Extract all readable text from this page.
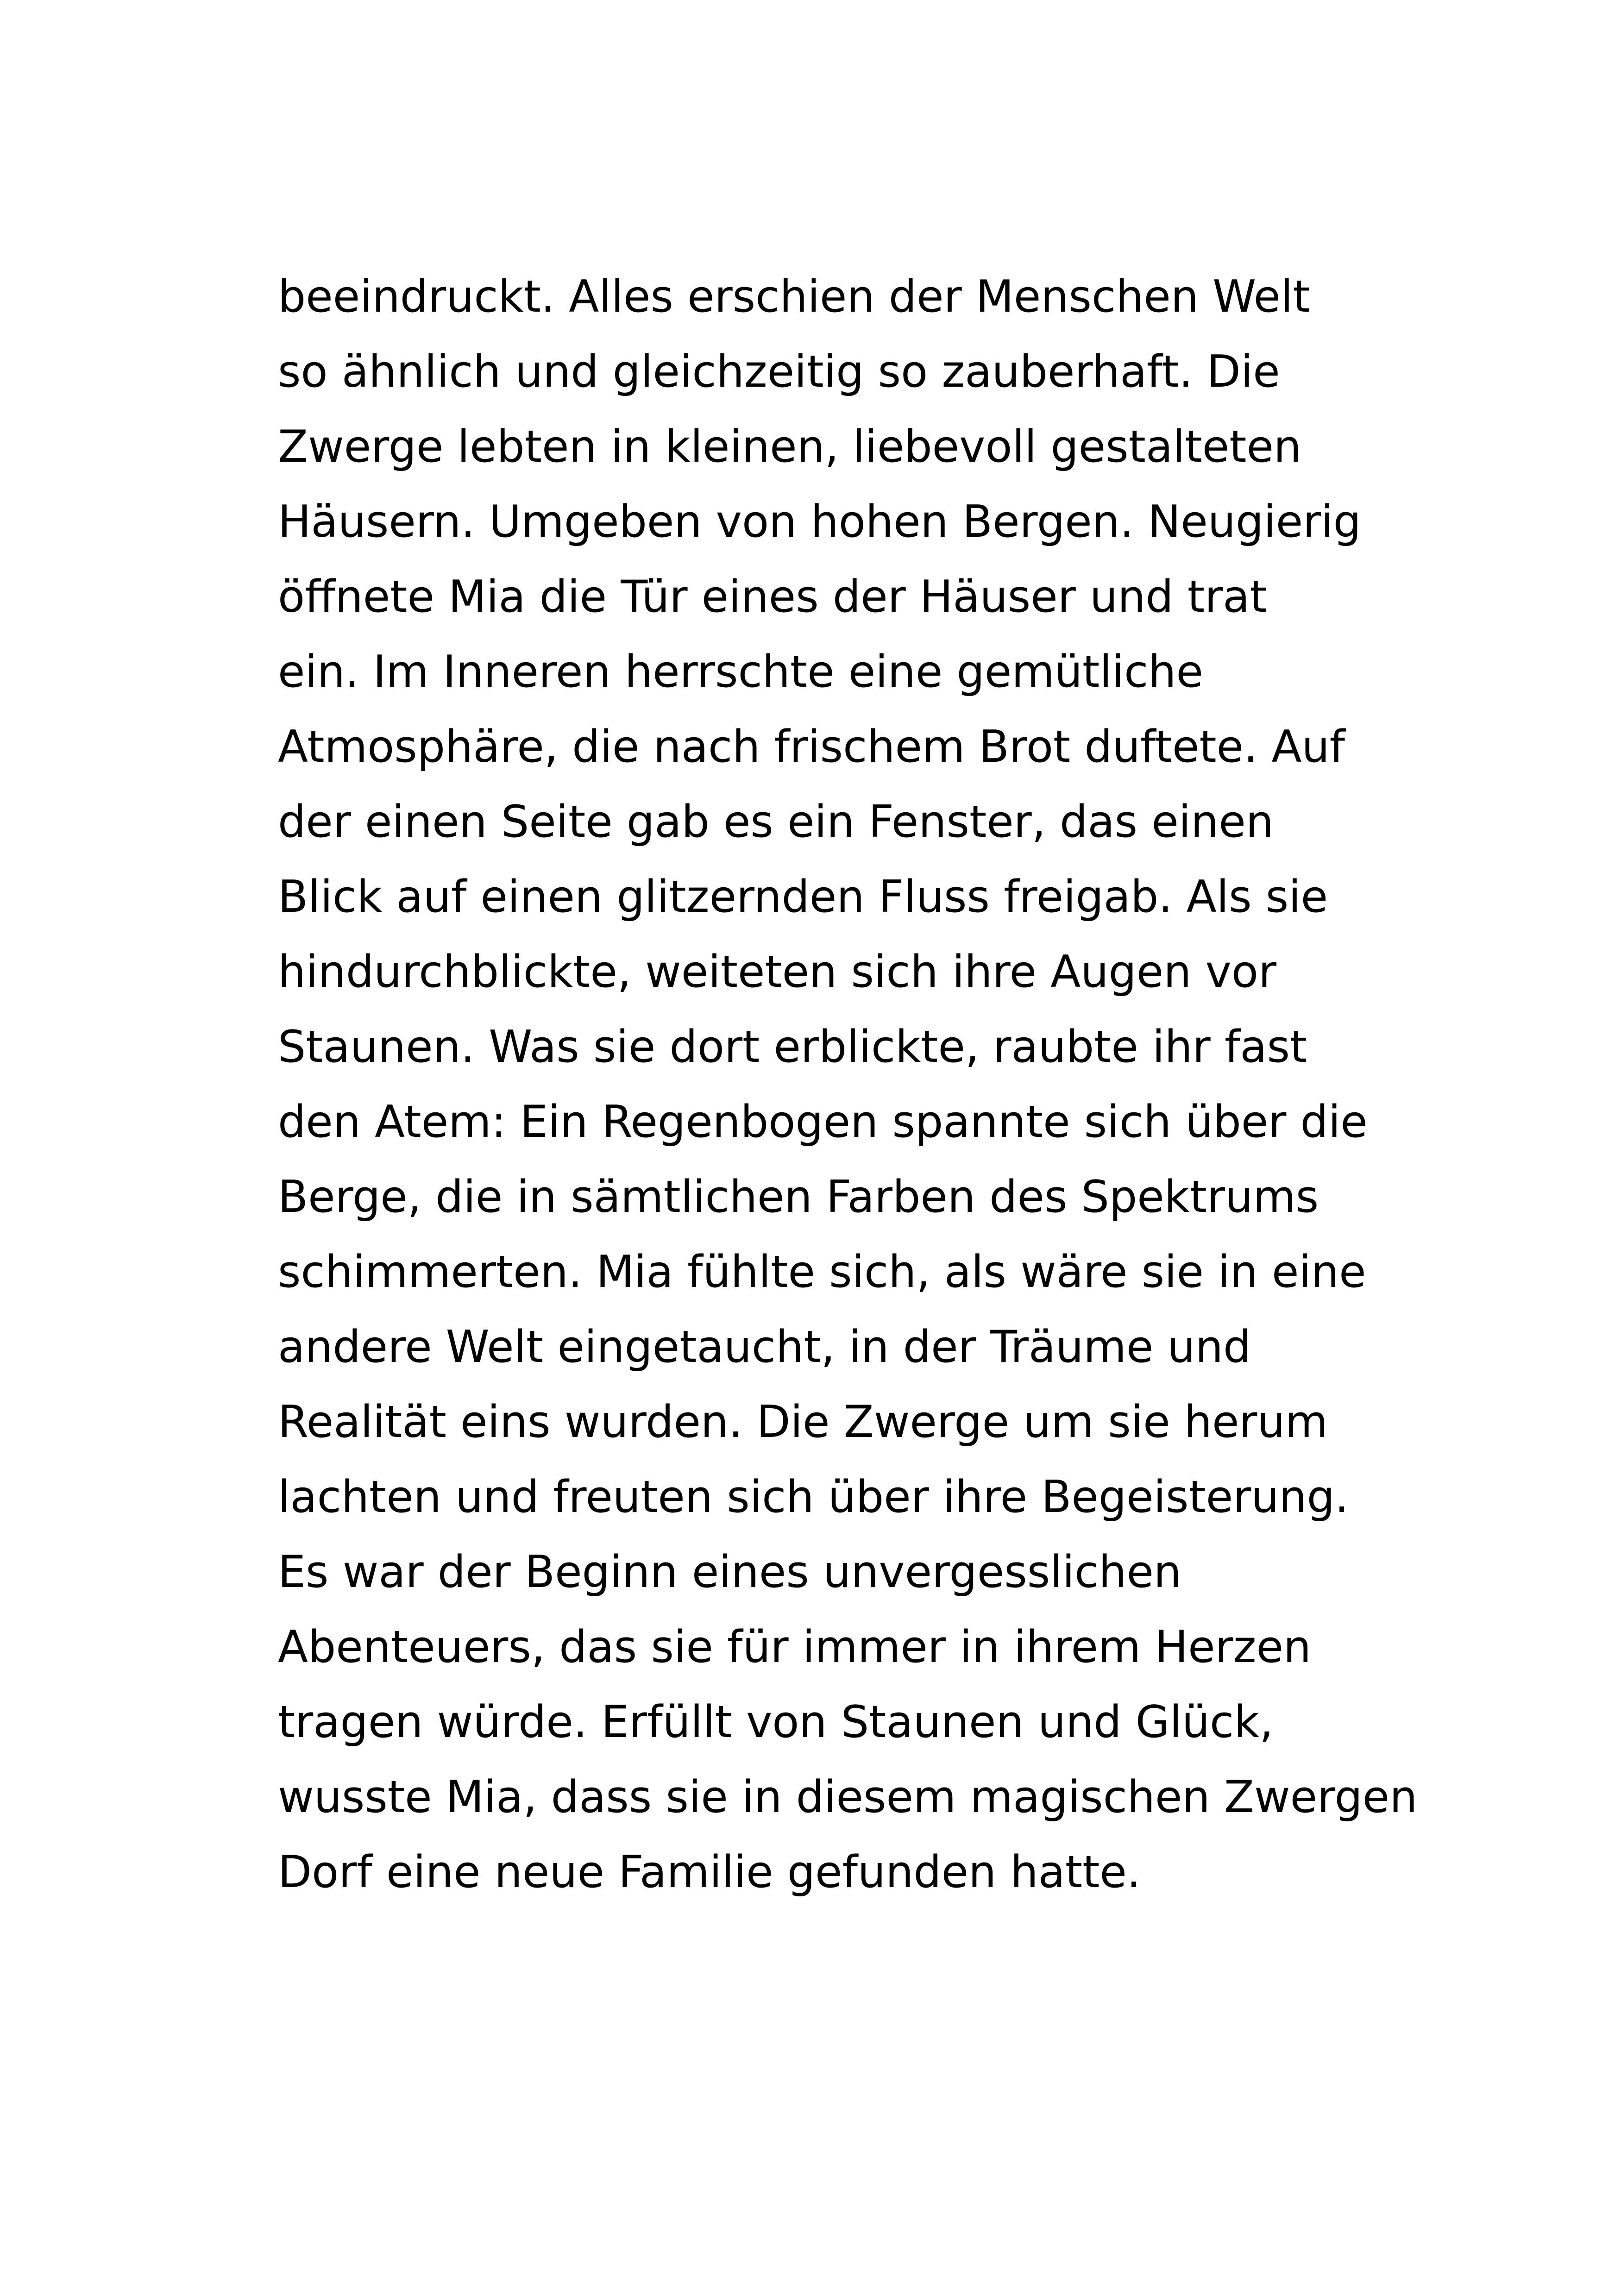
beeindruckt. Alles erschien der Menschen Welt
so ähnlich und gleichzeitig so zauberhaft. Die
Zwerge lebten in kleinen, liebevoll gestalteten
Häusern. Umgeben von hohen Bergen. Neugierig
öffnete Mia die Tür eines der Häuser und trat
ein. Im Inneren herrschte eine gemütliche
Atmosphäre, die nach frischem Brot duftete. Auf
der einen Seite gab es ein Fenster, das einen
Blick auf einen glitzernden Fluss freigab. Als sie
hindurchblickte, weiteten sich ihre Augen vor
Staunen. Was sie dort erblickte, raubte ihr fast
den Atem: Ein Regenbogen spannte sich über die
Berge, die in sämtlichen Farben des Spektrums
schimmerten. Mia fühlte sich, als wäre sie in eine
andere Welt eingetaucht, in der Träume und
Realität eins wurden. Die Zwerge um sie herum
lachten und freuten sich über ihre Begeisterung.
Es war der Beginn eines unvergesslichen
Abenteuers, das sie für immer in ihrem Herzen
tragen würde. Erfüllt von Staunen und Glück,
wusste Mia, dass sie in diesem magischen Zwergen
Dorf eine neue Familie gefunden hatte.
